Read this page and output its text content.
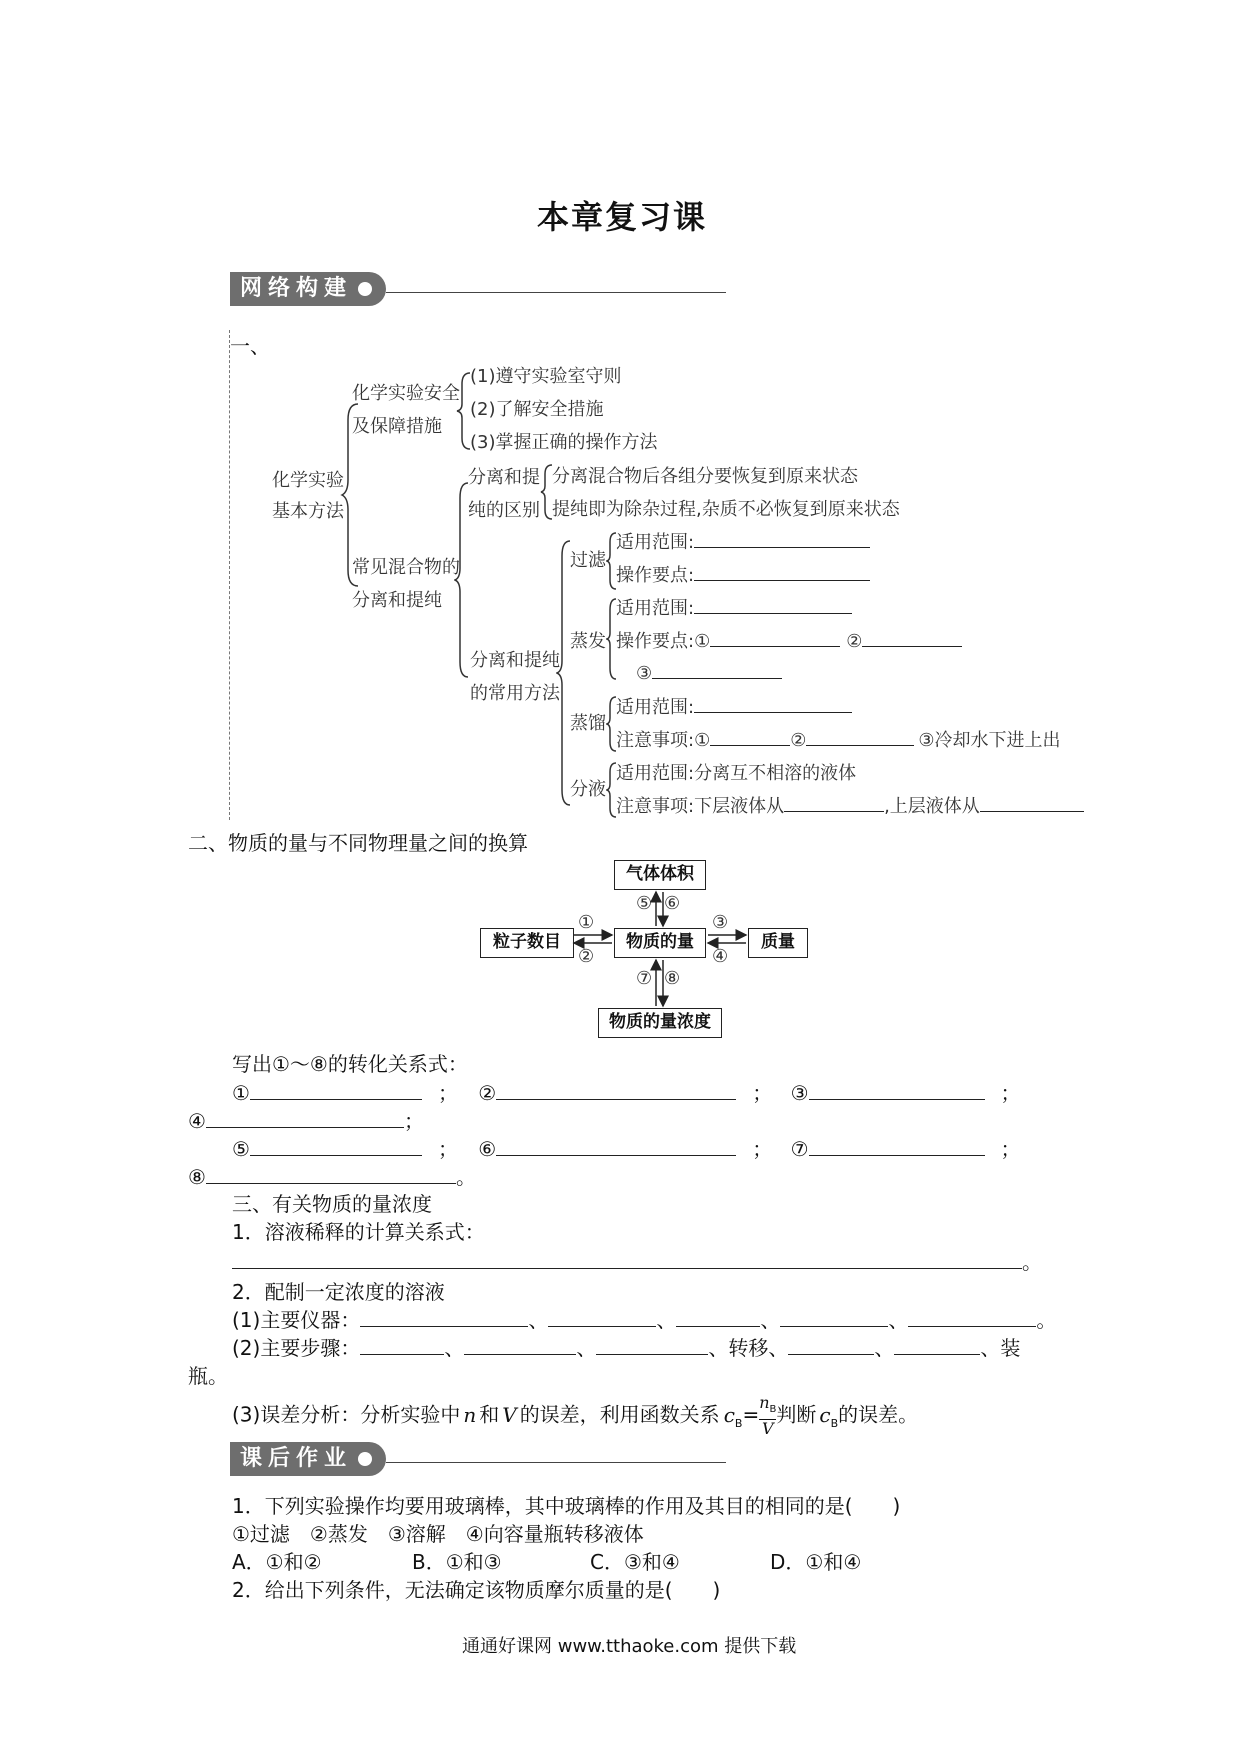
本章复习课
网络构建
一、
化学实验
基本方法
化学实验安全
及保障措施
(1)遵守实验室守则
(2)了解安全措施
(3)掌握正确的操作方法
常见混合物的
分离和提纯
分离和提
纯的区别
分离混合物后各组分要恢复到原来状态
提纯即为除杂过程,杂质不必恢复到原来状态
分离和提纯
的常用方法
过滤
适用范围:
操作要点:
蒸发
适用范围:
操作要点:①	②
③
蒸馏
适用范围:
注意事项:①	②	③冷却水下进上出
分液
适用范围:分离互不相溶的液体
注意事项:下层液体从	,上层液体从
二、物质的量与不同物理量之间的换算
气体体积
粒子数目	物质的量	质量
物质的量浓度
①
②
③
④
⑤ ⑥
⑦ ⑧
写出①～⑧的转化关系式：
①	； ②	； ③	；
④	；
⑤	； ⑥	； ⑦	；
⑧	。
三、有关物质的量浓度
1．溶液稀释的计算关系式：
。
2．配制一定浓度的溶液
(1)主要仪器：	、	、	、	、	。
(2)主要步骤：	、	、	、转移、	、	、装
瓶。
(3)误差分析：分析实验中 n 和 V 的误差，利用函数关系 $c_B= \frac{n_B}{V}$ 判断 $c_B$的误差。
课后作业
1．下列实验操作均要用玻璃棒，其中玻璃棒的作用及其目的相同的是(　　)
①过滤　②蒸发　③溶解　④向容量瓶转移液体
A．①和②	B．①和③	C．③和④	D．①和④
2．给出下列条件，无法确定该物质摩尔质量的是(　　)
通通好课网 www.tthaoke.com 提供下载
